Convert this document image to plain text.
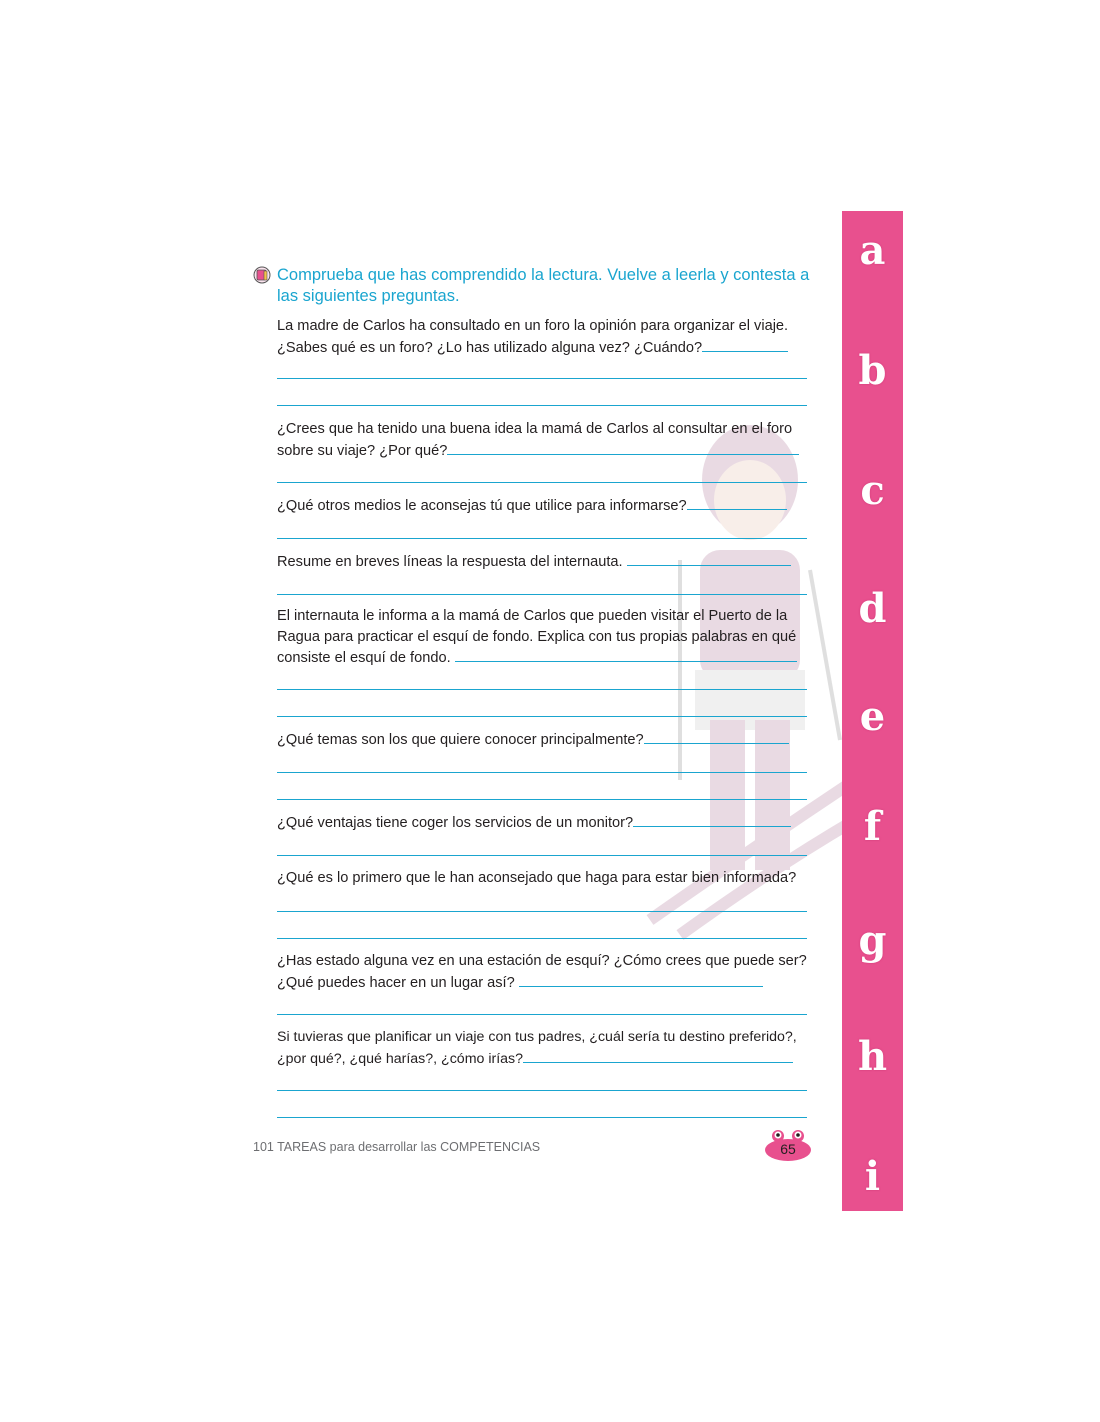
Comprueba que has comprendido la lectura. Vuelve a leerla y contesta a las siguientes preguntas.
La madre de Carlos ha consultado en un foro la opinión para organizar el viaje. ¿Sabes qué es un foro? ¿Lo has utilizado alguna vez? ¿Cuándo?
¿Crees que ha tenido una buena idea la mamá de Carlos al consultar en el foro sobre su viaje? ¿Por qué?
¿Qué otros medios le aconsejas tú que utilice para informarse?
Resume en breves líneas la respuesta del internauta.
El internauta le informa a la mamá de Carlos que pueden visitar el Puerto de la Ragua para practicar el esquí de fondo. Explica con tus propias palabras en qué consiste el esquí de fondo.
¿Qué temas son los que quiere conocer principalmente?
¿Qué ventajas tiene coger los servicios de un monitor?
¿Qué es lo primero que le han aconsejado que haga para estar bien informada?
¿Has estado alguna vez en una estación de esquí? ¿Cómo crees que puede ser? ¿Qué puedes hacer en un lugar así?
Si tuvieras que planificar un viaje con tus padres, ¿cuál sería tu destino preferido?, ¿por qué?, ¿qué harías?, ¿cómo irías?
101 TAREAS para desarrollar las COMPETENCIAS	65
a
b
c
d
e
f
g
h
i
